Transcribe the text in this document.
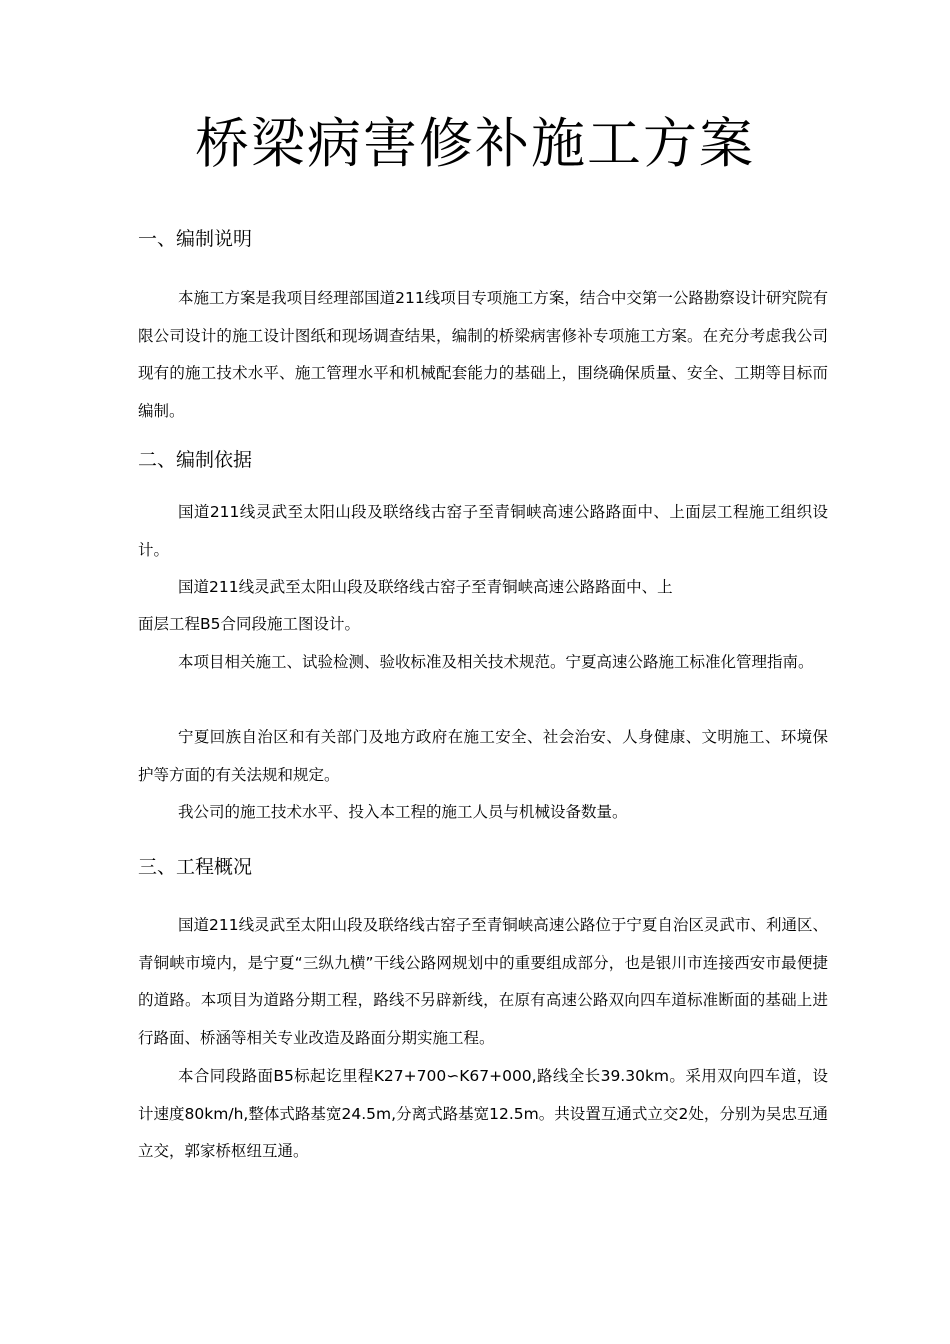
桥梁病害修补施工方案
一、编制说明

本施工方案是我项目经理部国道211线项目专项施工方案，结合中交第一公路勘察设计研究院有限公司设计的施工设计图纸和现场调查结果，编制的桥梁病害修补专项施工方案。在充分考虑我公司现有的施工技术水平、施工管理水平和机械配套能力的基础上，围绕确保质量、安全、工期等目标而编制。

二、编制依据

国道211线灵武至太阳山段及联络线古窑子至青铜峡高速公路路面中、上面层工程施工组织设计。

国道211线灵武至太阳山段及联络线古窑子至青铜峡高速公路路面中、上

面层工程B5合同段施工图设计。

本项目相关施工、试验检测、验收标准及相关技术规范。宁夏高速公路施工标准化管理指南。

宁夏回族自治区和有关部门及地方政府在施工安全、社会治安、人身健康、文明施工、环境保护等方面的有关法规和规定。

我公司的施工技术水平、投入本工程的施工人员与机械设备数量。

三、工程概况

国道211线灵武至太阳山段及联络线古窑子至青铜峡高速公路位于宁夏自治区灵武市、利通区、青铜峡市境内，是宁夏“三纵九横”干线公路网规划中的重要组成部分，也是银川市连接西安市最便捷的道路。本项目为道路分期工程，路线不另辟新线，在原有高速公路双向四车道标准断面的基础上进行路面、桥涵等相关专业改造及路面分期实施工程。

本合同段路面B5标起讫里程K27+700∽K67+000,路线全长39.30km。采用双向四车道，设计速度80km/h,整体式路基宽24.5m,分离式路基宽12.5m。共设置互通式立交2处，分别为吴忠互通立交，郭家桥枢纽互通。
